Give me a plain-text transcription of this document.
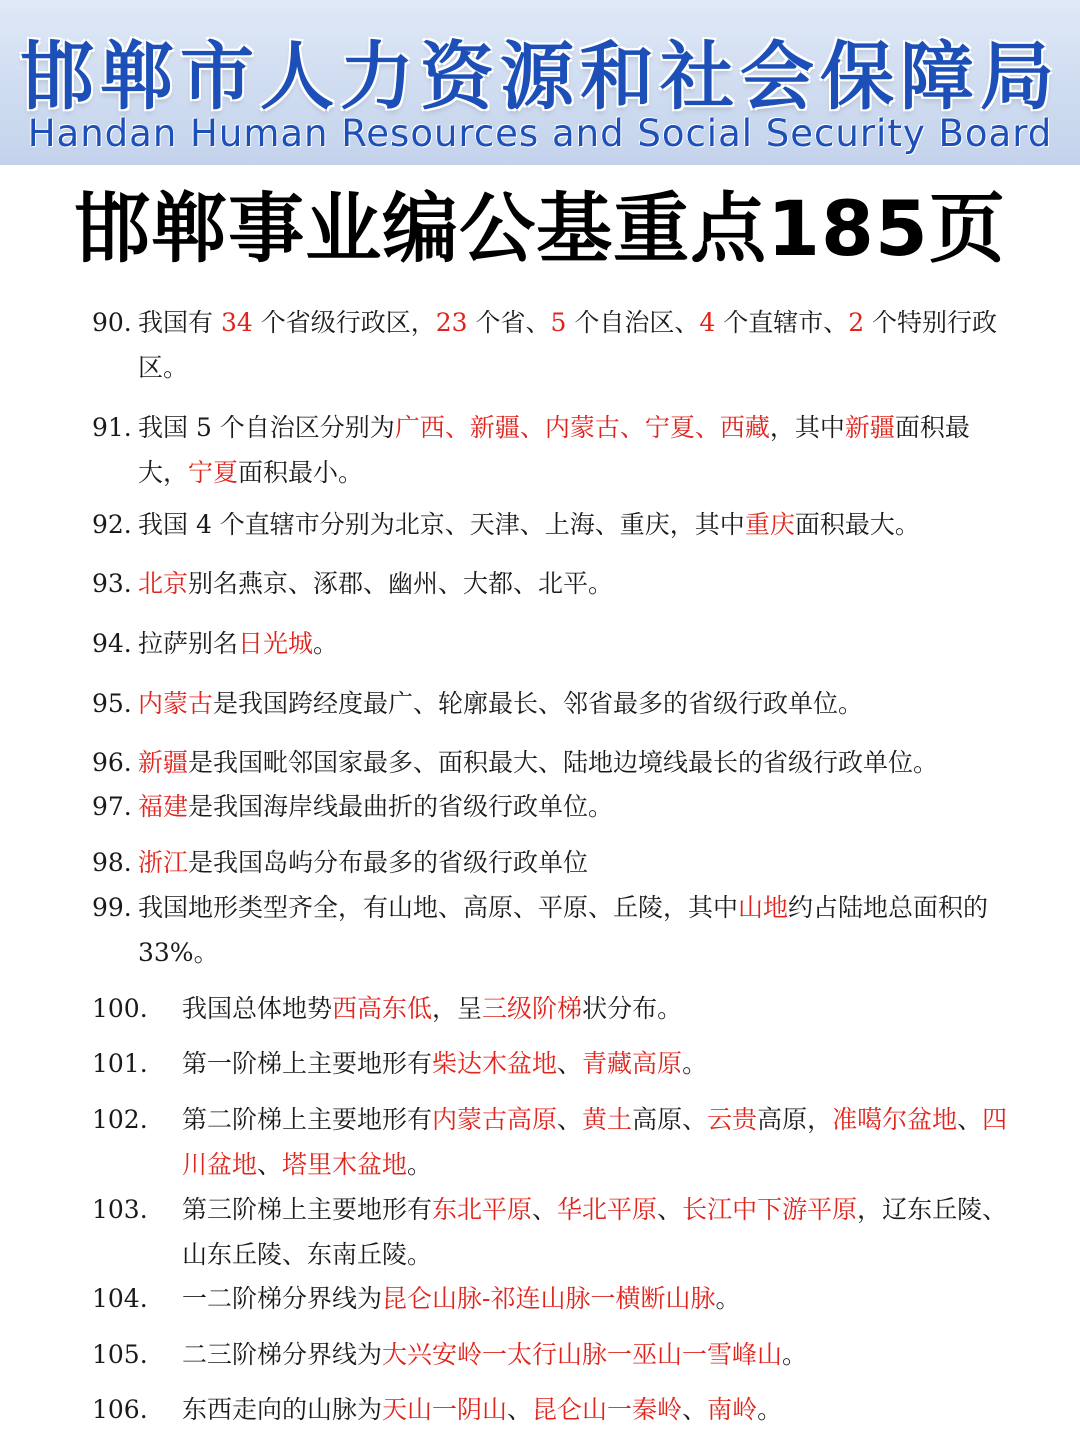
邯郸市人力资源和社会保障局
Handan Human Resources and Social Security Board
邯郸事业编公基重点185页
90. 我国有 34 个省级行政区，23 个省、5 个自治区、4 个直辖市、2 个特别行政区。
91. 我国 5 个自治区分别为广西、新疆、内蒙古、宁夏、西藏，其中新疆面积最大，宁夏面积最小。
92. 我国 4 个直辖市分别为北京、天津、上海、重庆，其中重庆面积最大。
93. 北京别名燕京、涿郡、幽州、大都、北平。
94. 拉萨别名日光城。
95. 内蒙古是我国跨经度最广、轮廓最长、邻省最多的省级行政单位。
96. 新疆是我国毗邻国家最多、面积最大、陆地边境线最长的省级行政单位。
97. 福建是我国海岸线最曲折的省级行政单位。
98. 浙江是我国岛屿分布最多的省级行政单位
99. 我国地形类型齐全，有山地、高原、平原、丘陵，其中山地约占陆地总面积的 33%。
100. 我国总体地势西高东低，呈三级阶梯状分布。
101. 第一阶梯上主要地形有柴达木盆地、青藏高原。
102. 第二阶梯上主要地形有内蒙古高原、黄土高原、云贵高原，准噶尔盆地、四川盆地、塔里木盆地。
103. 第三阶梯上主要地形有东北平原、华北平原、长江中下游平原，辽东丘陵、山东丘陵、东南丘陵。
104. 一二阶梯分界线为昆仑山脉-祁连山脉一横断山脉。
105. 二三阶梯分界线为大兴安岭一太行山脉一巫山一雪峰山。
106. 东西走向的山脉为天山一阴山、昆仑山一秦岭、南岭。
